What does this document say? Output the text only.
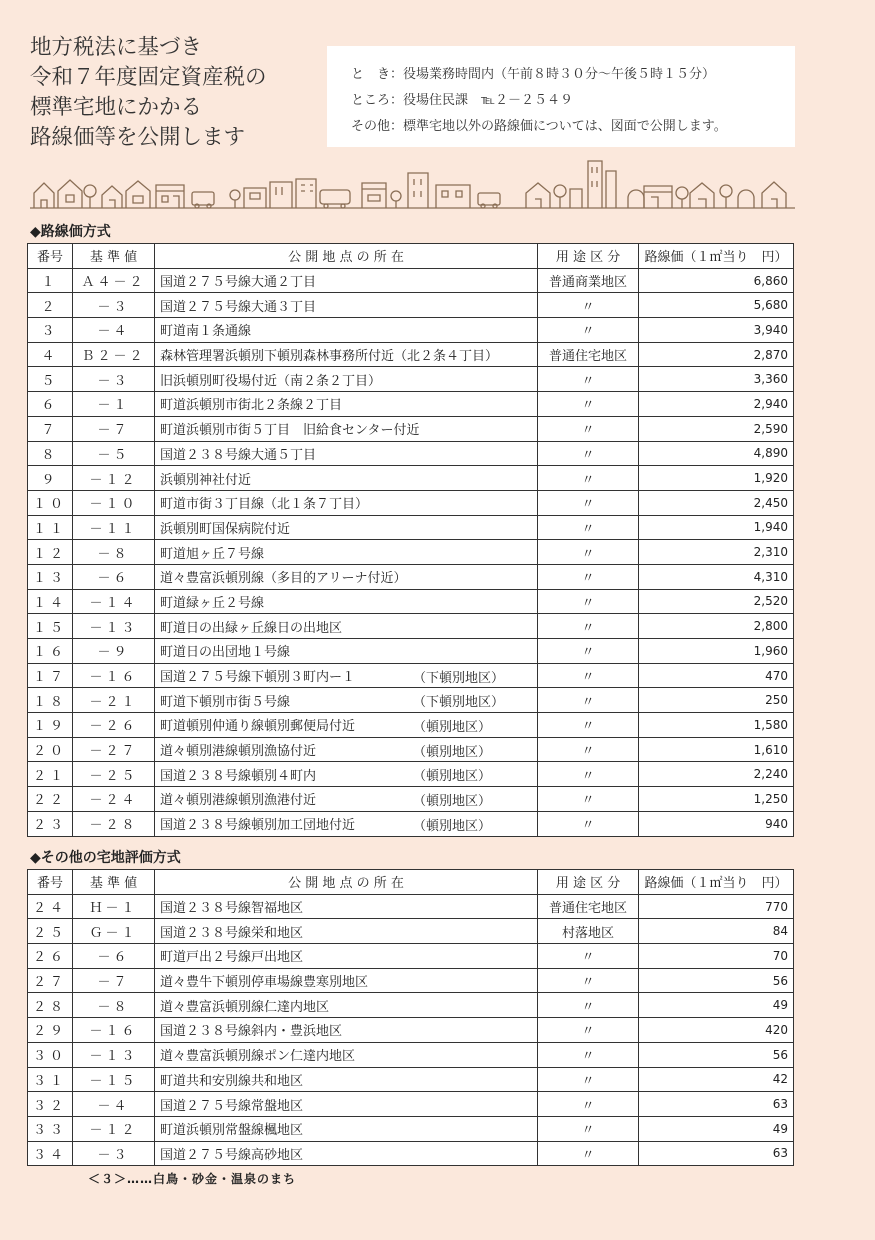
地方税法に基づき
令和７年度固定資産税の
標準宅地にかかる
路線価等を公開します
と　き：役場業務時間内（午前８時３０分～午後５時１５分）
ところ：役場住民課　℡２－２５４９
その他：標準宅地以外の路線価については、図面で公開します。
◆路線価方式
番号	基 準 値	公 開 地 点 の 所 在	用 途 区 分	路線価（１㎡当り　円）
１	Ａ４－２	国道２７５号線大通２丁目	普通商業地区	6,860
２	－３	国道２７５号線大通３丁目	〃	5,680
３	－４	町道南１条通線	〃	3,940
４	Ｂ２－２	森林管理署浜頓別下頓別森林事務所付近（北２条４丁目）	普通住宅地区	2,870
５	－３	旧浜頓別町役場付近（南２条２丁目）	〃	3,360
６	－１	町道浜頓別市街北２条線２丁目	〃	2,940
７	－７	町道浜頓別市街５丁目　旧給食センター付近	〃	2,590
８	－５	国道２３８号線大通５丁目	〃	4,890
９	－１２	浜頓別神社付近	〃	1,920
１０	－１０	町道市街３丁目線（北１条７丁目）	〃	2,450
１１	－１１	浜頓別町国保病院付近	〃	1,940
１２	－８	町道旭ヶ丘７号線	〃	2,310
１３	－６	道々豊富浜頓別線（多目的アリーナ付近）	〃	4,310
１４	－１４	町道緑ヶ丘２号線	〃	2,520
１５	－１３	町道日の出緑ヶ丘線日の出地区	〃	2,800
１６	－９	町道日の出団地１号線	〃	1,960
１７	－１６	国道２７５号線下頓別３町内ー１ （下頓別地区）	〃	470
１８	－２１	町道下頓別市街５号線 （下頓別地区）	〃	250
１９	－２６	町道頓別仲通り線頓別郵便局付近 （頓別地区）	〃	1,580
２０	－２７	道々頓別港線頓別漁協付近 （頓別地区）	〃	1,610
２１	－２５	国道２３８号線頓別４町内 （頓別地区）	〃	2,240
２２	－２４	道々頓別港線頓別漁港付近 （頓別地区）	〃	1,250
２３	－２８	国道２３８号線頓別加工団地付近 （頓別地区）	〃	940
◆その他の宅地評価方式
番号	基 準 値	公 開 地 点 の 所 在	用 途 区 分	路線価（１㎡当り　円）
２４	Ｈ－１	国道２３８号線智福地区	普通住宅地区	770
２５	Ｇ－１	国道２３８号線栄和地区	村落地区	84
２６	－６	町道戸出２号線戸出地区	〃	70
２７	－７	道々豊牛下頓別停車場線豊寒別地区	〃	56
２８	－８	道々豊富浜頓別線仁達内地区	〃	49
２９	－１６	国道２３８号線斜内・豊浜地区	〃	420
３０	－１３	道々豊富浜頓別線ポン仁達内地区	〃	56
３１	－１５	町道共和安別線共和地区	〃	42
３２	－４	国道２７５号線常盤地区	〃	63
３３	－１２	町道浜頓別常盤線楓地区	〃	49
３４	－３	国道２７５号線高砂地区	〃	63
＜３＞……白鳥・砂金・温泉のまち
